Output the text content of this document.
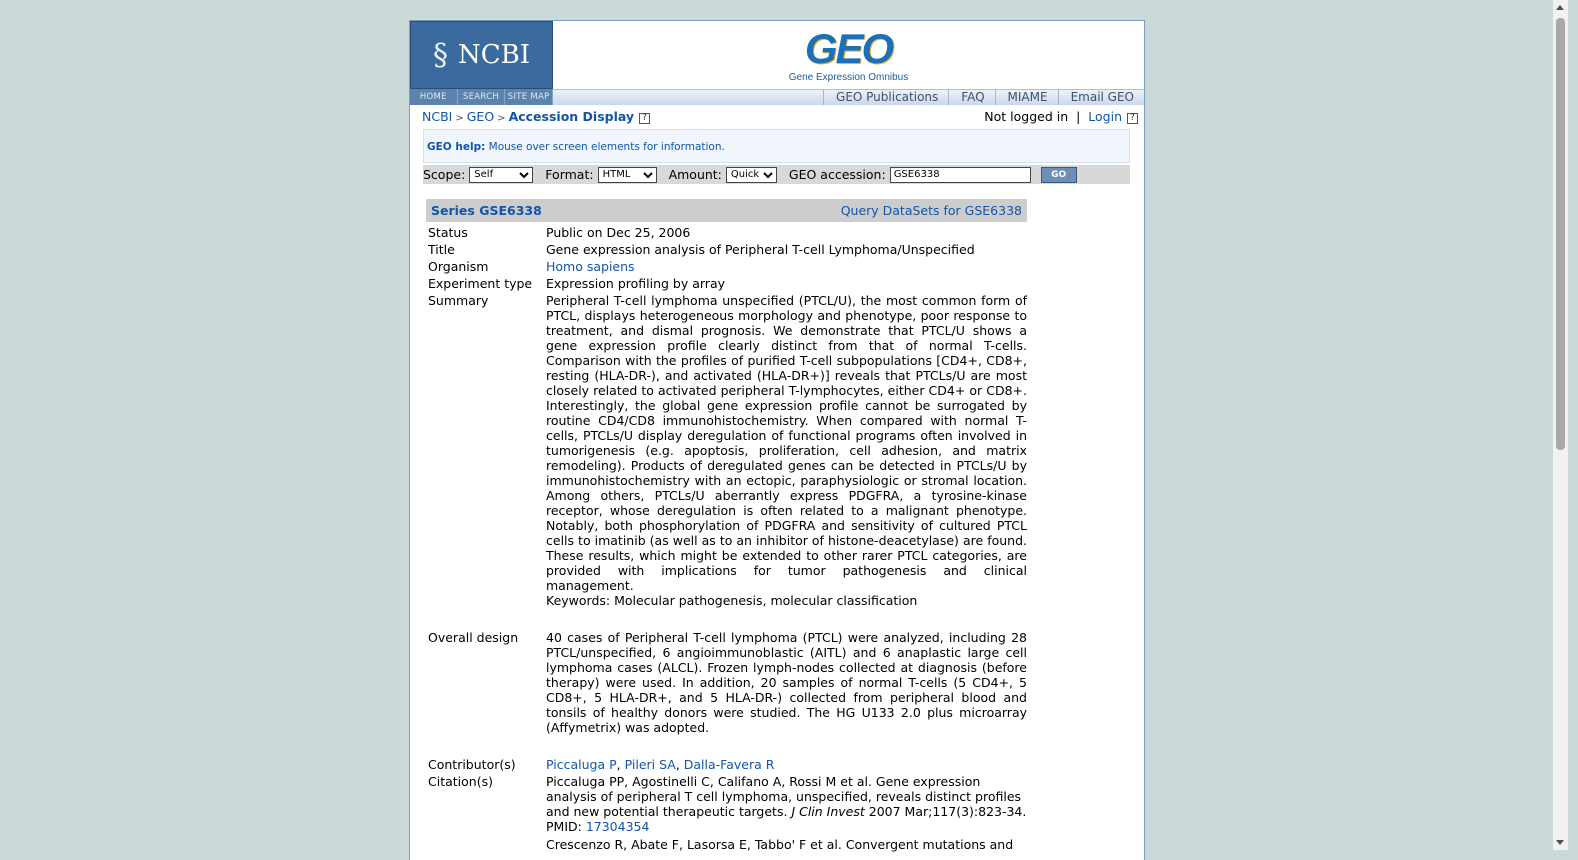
§ NCBI
HOME	SEARCH	SITE MAP
GEO
Gene Expression Omnibus
GEO Publications	FAQ	MIAME	Email GEO
NCBI > GEO > Accession Display ?	Not logged in  |  Login ?
GEO help: Mouse over screen elements for information.
Scope:
Self	Format:
HTML	Amount:
Quick	GEO accession:
GSE6338	GO
Series GSE6338	Query DataSets for GSE6338
Status	Public on Dec 25, 2006
Title	Gene expression analysis of Peripheral T-cell Lymphoma/Unspecified
Organism	Homo sapiens
Experiment type	Expression profiling by array
Summary	Peripheral T-cell lymphoma unspecified (PTCL/U), the most common form of PTCL, displays heterogeneous morphology and phenotype, poor response to treatment, and dismal prognosis. We demonstrate that PTCL/U shows a gene expression profile clearly distinct from that of normal T-cells. Comparison with the profiles of purified T-cell subpopulations [CD4+, CD8+, resting (HLA-DR-), and activated (HLA-DR+)] reveals that PTCLs/U are most closely related to activated peripheral T-lymphocytes, either CD4+ or CD8+. Interestingly, the global gene expression profile cannot be surrogated by routine CD4/CD8 immunohistochemistry. When compared with normal T-cells, PTCLs/U display deregulation of functional programs often involved in tumorigenesis (e.g. apoptosis, proliferation, cell adhesion, and matrix remodeling). Products of deregulated genes can be detected in PTCLs/U by immunohistochemistry with an ectopic, paraphysiologic or stromal location. Among others, PTCLs/U aberrantly express PDGFRA, a tyrosine-kinase receptor, whose deregulation is often related to a malignant phenotype. Notably, both phosphorylation of PDGFRA and sensitivity of cultured PTCL cells to imatinib (as well as to an inhibitor of histone-deacetylase) are found. These results, which might be extended to other rarer PTCL categories, are provided with implications for tumor pathogenesis and clinical management.
Keywords: Molecular pathogenesis, molecular classification

Overall design	40 cases of Peripheral T-cell lymphoma (PTCL) were analyzed, including 28 PTCL/unspecified, 6 angioimmunoblastic (AITL) and 6 anaplastic large cell lymphoma cases (ALCL). Frozen lymph-nodes collected at diagnosis (before therapy) were used. In addition, 20 samples of normal T-cells (5 CD4+, 5 CD8+, 5 HLA-DR+, and 5 HLA-DR-) collected from peripheral blood and tonsils of healthy donors were studied. The HG U133 2.0 plus microarray (Affymetrix) was adopted.

Contributor(s)	Piccaluga P, Pileri SA, Dalla-Favera R
Citation(s)	Piccaluga PP, Agostinelli C, Califano A, Rossi M et al. Gene expression analysis of peripheral T cell lymphoma, unspecified, reveals distinct profiles and new potential therapeutic targets. J Clin Invest 2007 Mar;117(3):823-34.
PMID: 17304354
Crescenzo R, Abate F, Lasorsa E, Tabbo' F et al. Convergent mutations and
